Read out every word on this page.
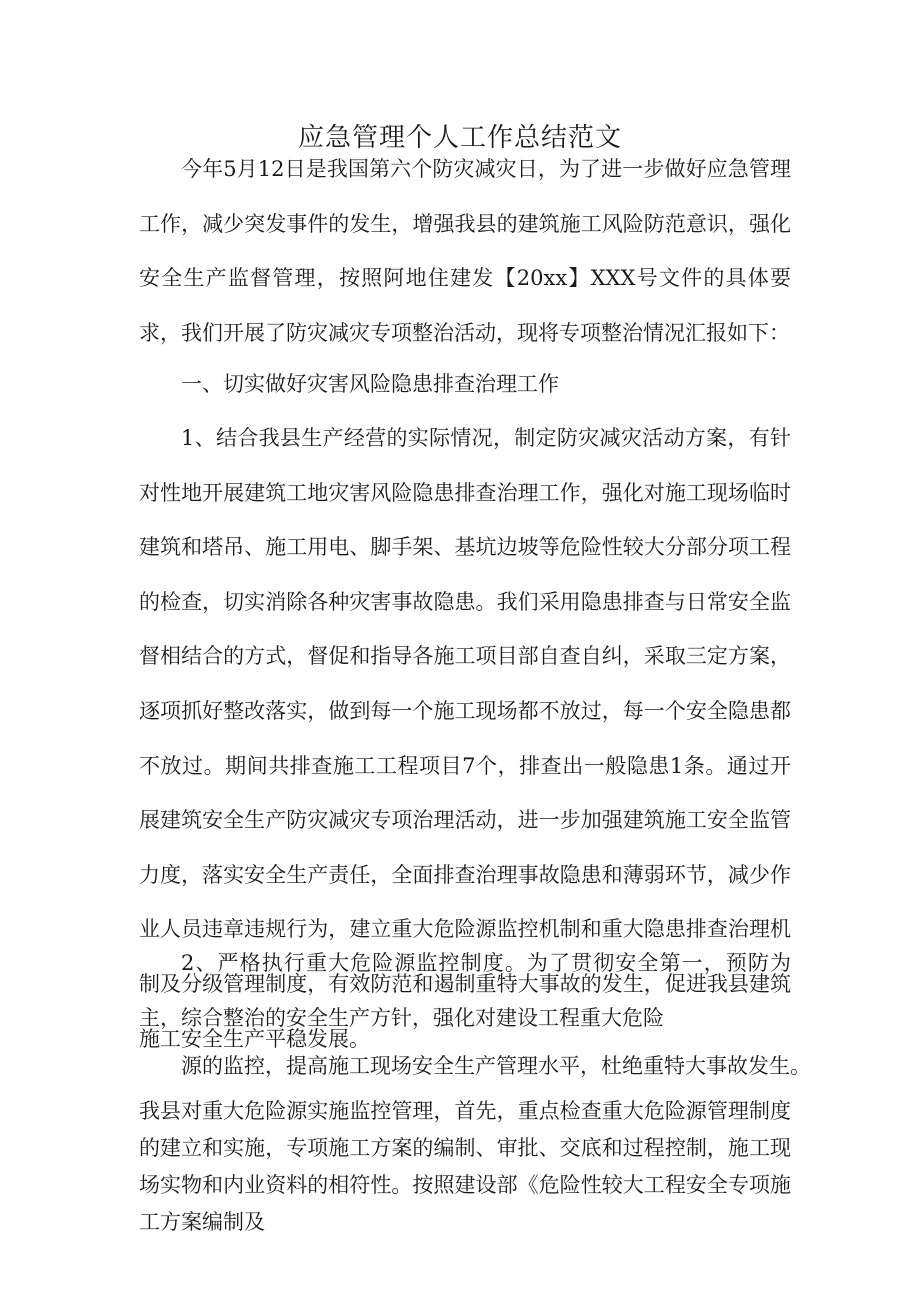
应急管理个人工作总结范文

今年5月12日是我国第六个防灾减灾日，为了进一步做好应急管理工作，减少突发事件的发生，增强我县的建筑施工风险防范意识，强化安全生产监督管理，按照阿地住建发【20xx】XXX号文件的具体要求，我们开展了防灾减灾专项整治活动，现将专项整治情况汇报如下：

一、切实做好灾害风险隐患排查治理工作

1、结合我县生产经营的实际情况，制定防灾减灾活动方案，有针对性地开展建筑工地灾害风险隐患排查治理工作，强化对施工现场临时建筑和塔吊、施工用电、脚手架、基坑边坡等危险性较大分部分项工程的检查，切实消除各种灾害事故隐患。我们采用隐患排查与日常安全监督相结合的方式，督促和指导各施工项目部自查自纠，采取三定方案，逐项抓好整改落实，做到每一个施工现场都不放过，每一个安全隐患都不放过。期间共排查施工工程项目7个，排查出一般隐患1条。通过开展建筑安全生产防灾减灾专项治理活动，进一步加强建筑施工安全监管力度，落实安全生产责任，全面排查治理事故隐患和薄弱环节，减少作业人员违章违规行为，建立重大危险源监控机制和重大隐患排查治理机制及分级管理制度，有效防范和遏制重特大事故的发生，促进我县建筑施工安全生产平稳发展。

2、严格执行重大危险源监控制度。为了贯彻安全第一，预防为主，综合整治的安全生产方针，强化对建设工程重大危险

源的监控，提高施工现场安全生产管理水平，杜绝重特大事故发生。

我县对重大危险源实施监控管理，首先，重点检查重大危险源管理制度的建立和实施，专项施工方案的编制、审批、交底和过程控制，施工现场实物和内业资料的相符性。按照建设部《危险性较大工程安全专项施工方案编制及
